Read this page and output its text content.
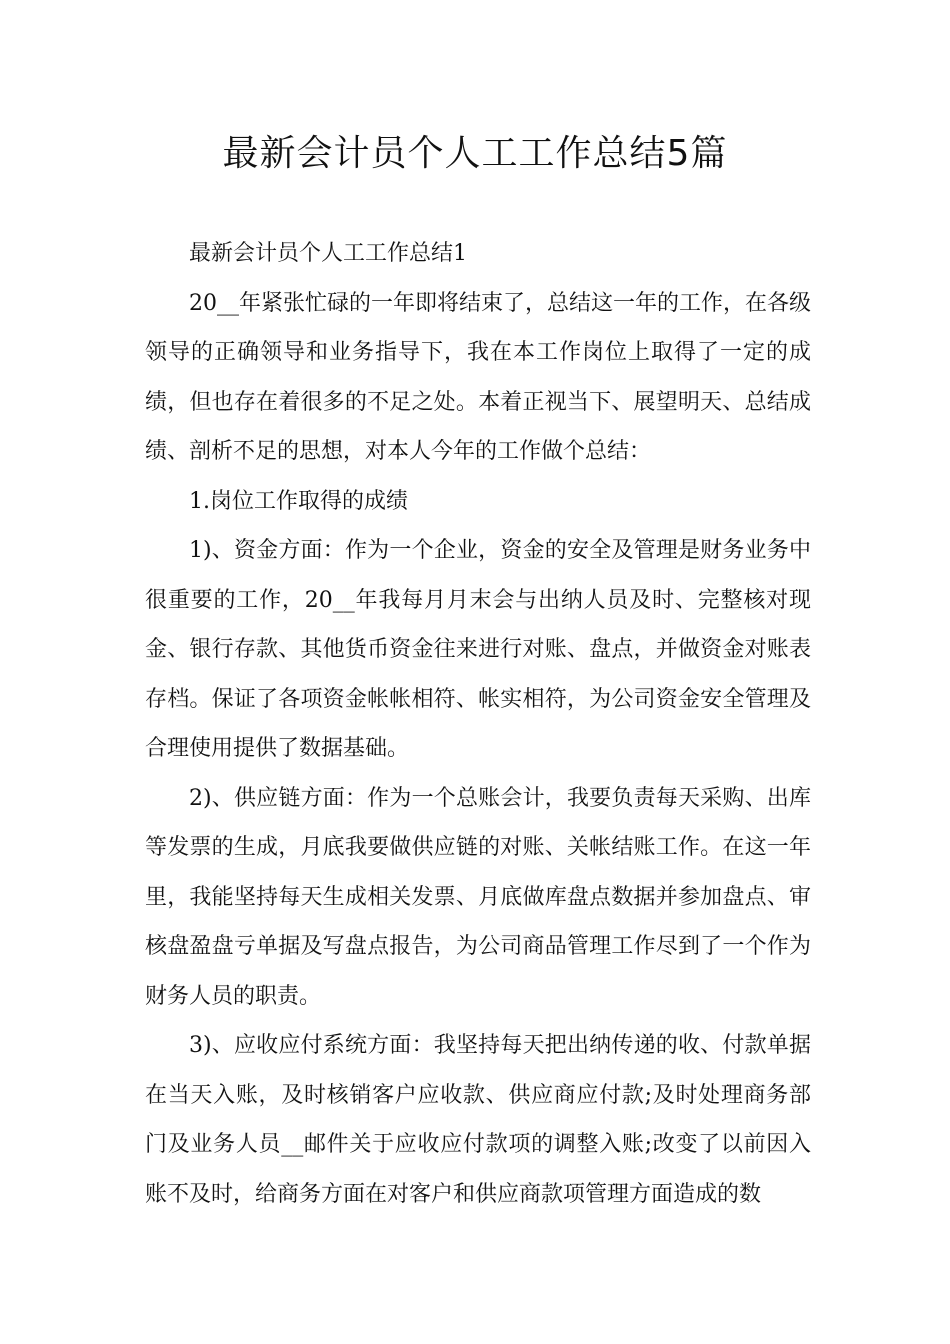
最新会计员个人工工作总结5篇

最新会计员个人工工作总结1

20__年紧张忙碌的一年即将结束了，总结这一年的工作，在各级领导的正确领导和业务指导下，我在本工作岗位上取得了一定的成绩，但也存在着很多的不足之处。本着正视当下、展望明天、总结成绩、剖析不足的思想，对本人今年的工作做个总结：

1.岗位工作取得的成绩

1)、资金方面：作为一个企业，资金的安全及管理是财务业务中很重要的工作，20__年我每月月末会与出纳人员及时、完整核对现金、银行存款、其他货币资金往来进行对账、盘点，并做资金对账表存档。保证了各项资金帐帐相符、帐实相符，为公司资金安全管理及合理使用提供了数据基础。

2)、供应链方面：作为一个总账会计，我要负责每天采购、出库等发票的生成，月底我要做供应链的对账、关帐结账工作。在这一年里，我能坚持每天生成相关发票、月底做库盘点数据并参加盘点、审核盘盈盘亏单据及写盘点报告，为公司商品管理工作尽到了一个作为财务人员的职责。

3)、应收应付系统方面：我坚持每天把出纳传递的收、付款单据在当天入账，及时核销客户应收款、供应商应付款;及时处理商务部门及业务人员__邮件关于应收应付款项的调整入账;改变了以前因入账不及时，给商务方面在对客户和供应商款项管理方面造成的数
